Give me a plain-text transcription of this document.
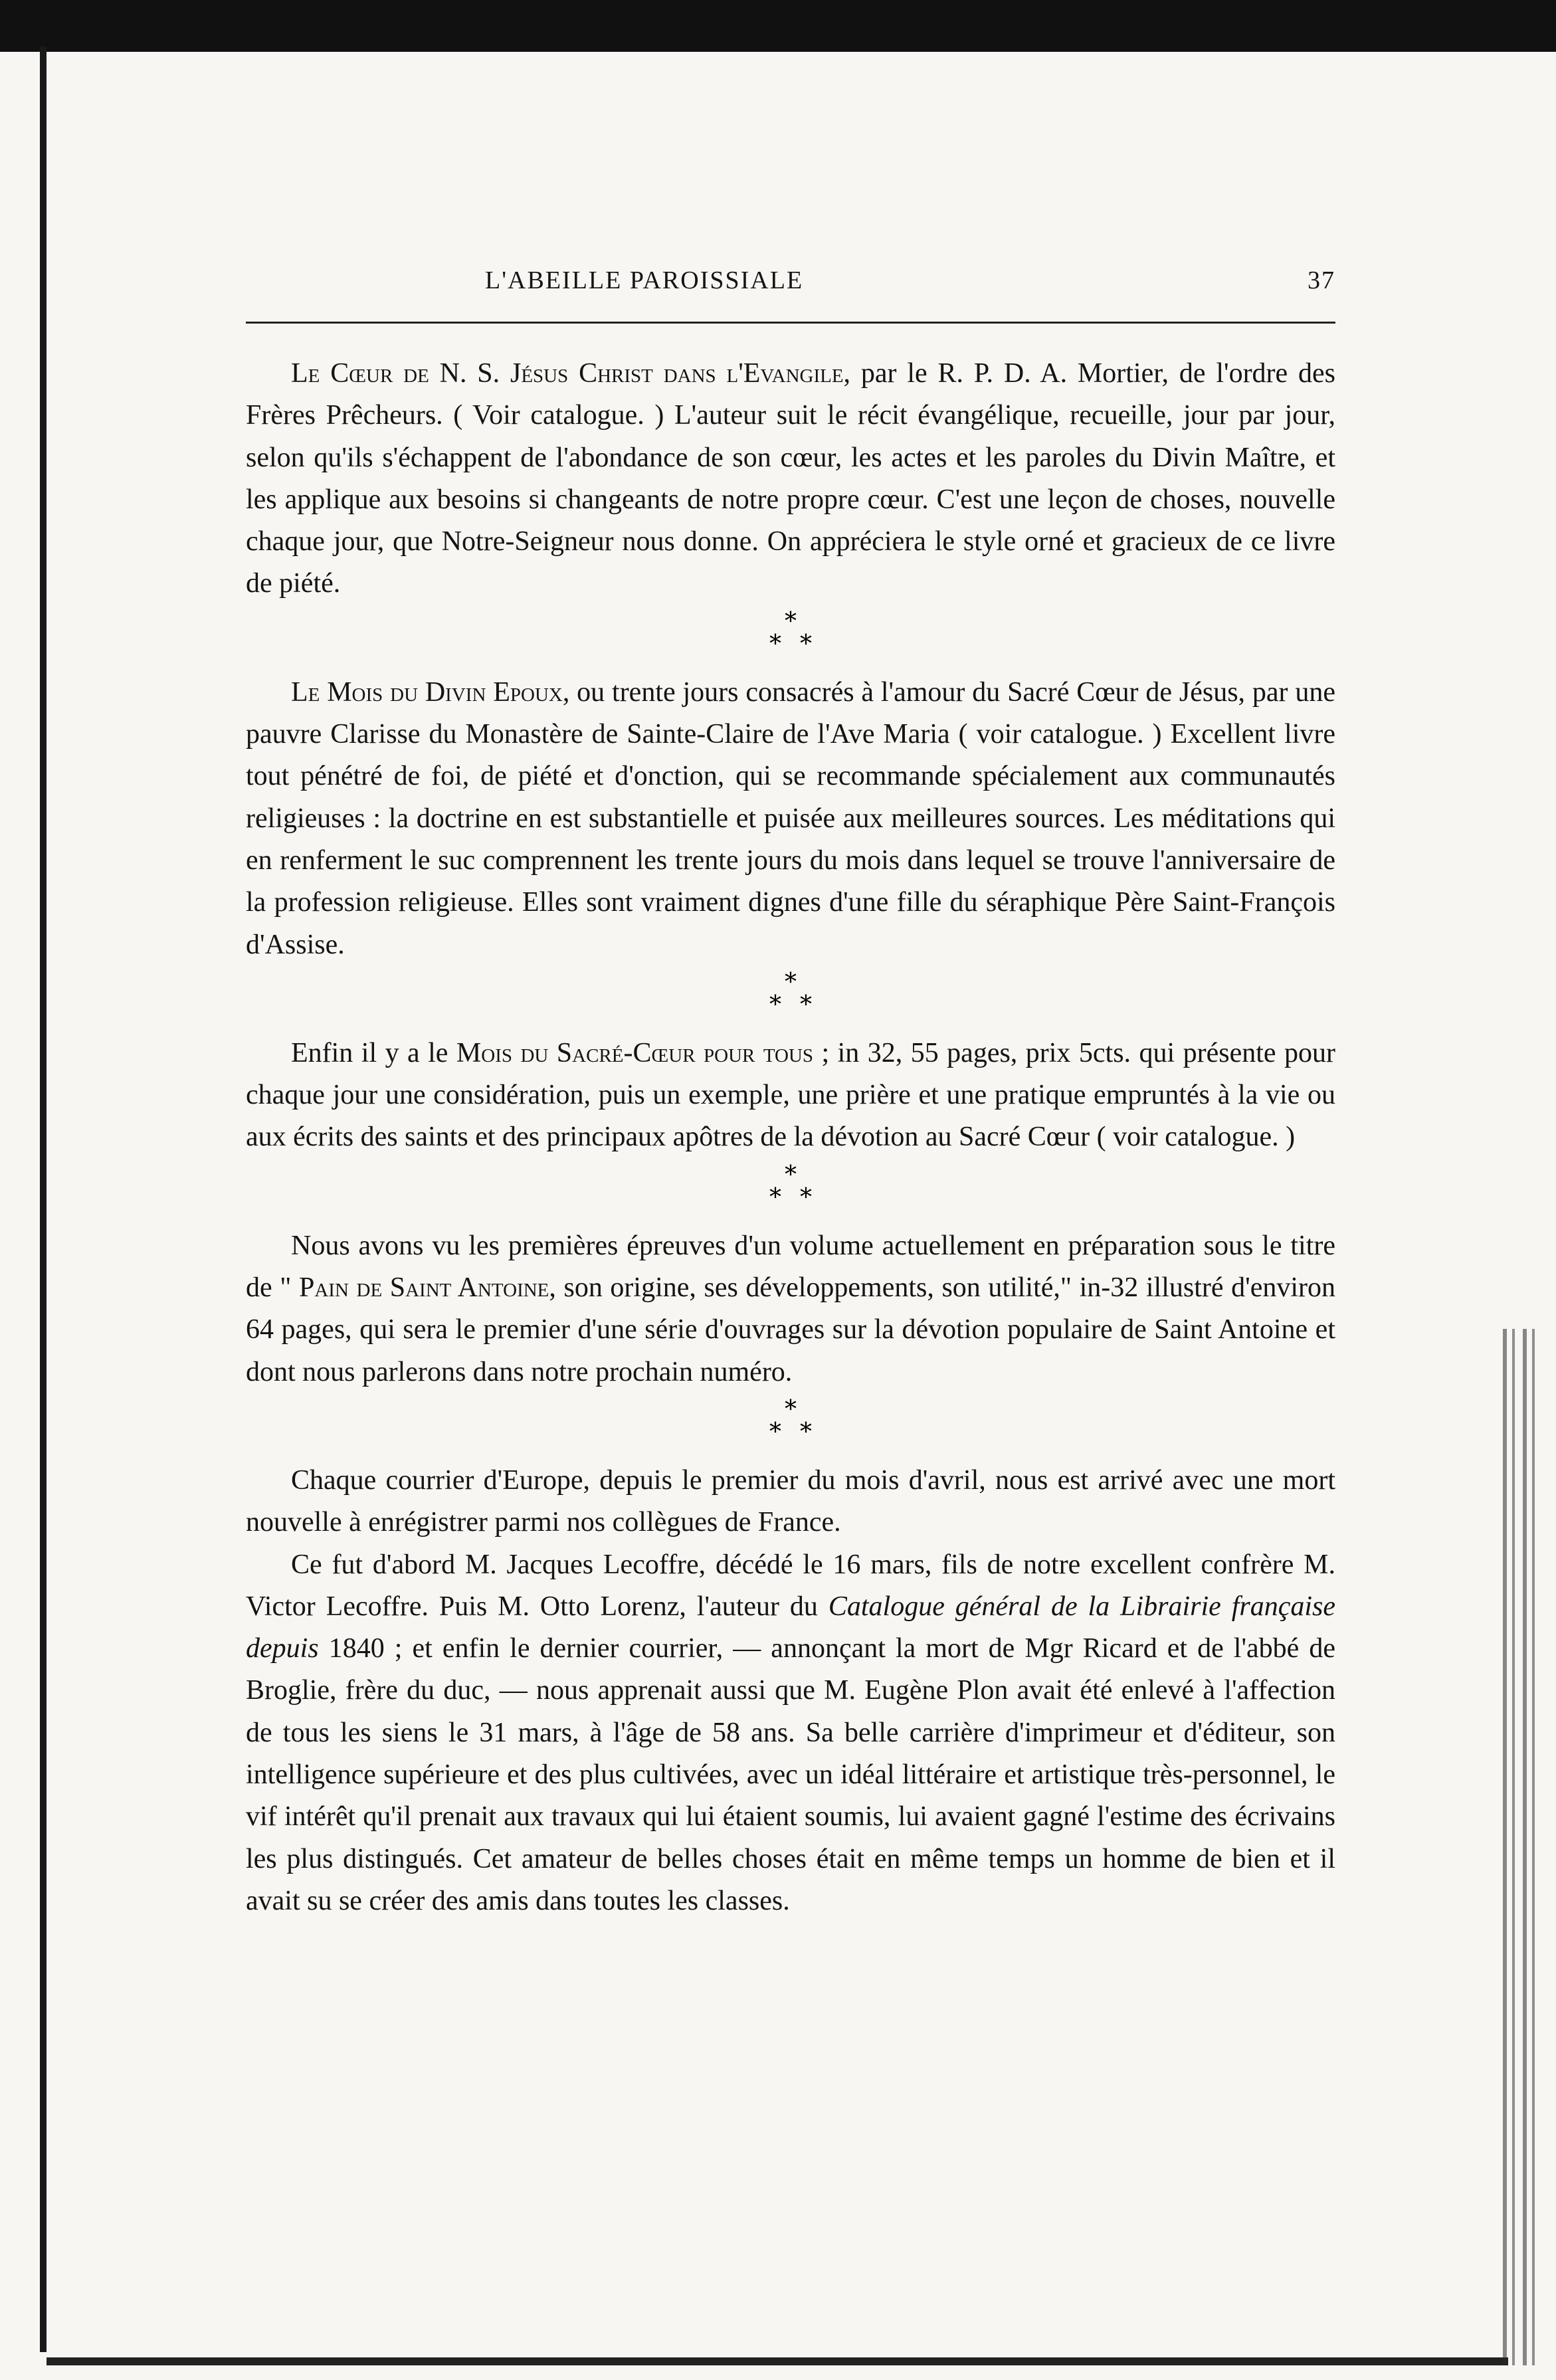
L'ABEILLE PAROISSIALE	37

Le Cœur de N. S. Jésus Christ dans l'Evangile, par le R. P. D. A. Mortier, de l'ordre des Frères Prêcheurs. ( Voir catalogue. ) L'auteur suit le récit évangélique, recueille, jour par jour, selon qu'ils s'échappent de l'abondance de son cœur, les actes et les paroles du Divin Maître, et les applique aux besoins si changeants de notre propre cœur. C'est une leçon de choses, nouvelle chaque jour, que Notre-Seigneur nous donne. On appréciera le style orné et gracieux de ce livre de piété.

*
* *

Le Mois du Divin Epoux, ou trente jours consacrés à l'amour du Sacré Cœur de Jésus, par une pauvre Clarisse du Monastère de Sainte-Claire de l'Ave Maria ( voir catalogue. ) Excellent livre tout pénétré de foi, de piété et d'onction, qui se recommande spécialement aux communautés religieuses : la doctrine en est substantielle et puisée aux meilleures sources. Les méditations qui en renferment le suc comprennent les trente jours du mois dans lequel se trouve l'anniversaire de la profession religieuse. Elles sont vraiment dignes d'une fille du séraphique Père Saint-François d'Assise.

*
* *

Enfin il y a le Mois du Sacré-Cœur pour tous ; in 32, 55 pages, prix 5cts. qui présente pour chaque jour une considération, puis un exemple, une prière et une pratique empruntés à la vie ou aux écrits des saints et des principaux apôtres de la dévotion au Sacré Cœur ( voir catalogue. )

*
* *

Nous avons vu les premières épreuves d'un volume actuellement en préparation sous le titre de " Pain de Saint Antoine, son origine, ses développements, son utilité," in-32 illustré d'environ 64 pages, qui sera le premier d'une série d'ouvrages sur la dévotion populaire de Saint Antoine et dont nous parlerons dans notre prochain numéro.

*
* *

Chaque courrier d'Europe, depuis le premier du mois d'avril, nous est arrivé avec une mort nouvelle à enrégistrer parmi nos collègues de France.

Ce fut d'abord M. Jacques Lecoffre, décédé le 16 mars, fils de notre excellent confrère M. Victor Lecoffre. Puis M. Otto Lorenz, l'auteur du Catalogue général de la Librairie française depuis 1840 ; et enfin le dernier courrier, — annonçant la mort de Mgr Ricard et de l'abbé de Broglie, frère du duc, — nous apprenait aussi que M. Eugène Plon avait été enlevé à l'affection de tous les siens le 31 mars, à l'âge de 58 ans. Sa belle carrière d'imprimeur et d'éditeur, son intelligence supérieure et des plus cultivées, avec un idéal littéraire et artistique très-personnel, le vif intérêt qu'il prenait aux travaux qui lui étaient soumis, lui avaient gagné l'estime des écrivains les plus distingués. Cet amateur de belles choses était en même temps un homme de bien et il avait su se créer des amis dans toutes les classes.
